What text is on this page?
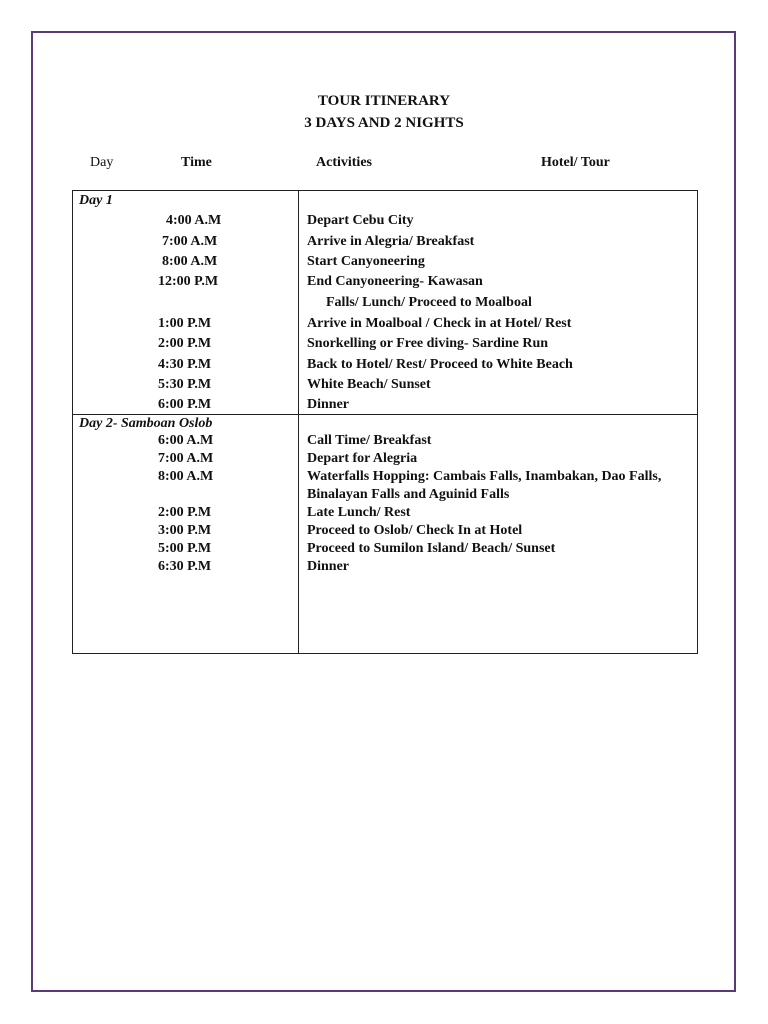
TOUR ITINERARY
3 DAYS AND 2 NIGHTS
Day	Time	Activities	Hotel/ Tour
Day 1
4:00 A.M	Depart Cebu City
7:00 A.M	Arrive in Alegria/ Breakfast
8:00 A.M	Start Canyoneering
12:00 P.M	End Canyoneering- Kawasan
Falls/ Lunch/ Proceed to Moalboal
1:00 P.M	Arrive in Moalboal / Check in at Hotel/ Rest
2:00 P.M	Snorkelling or Free diving- Sardine Run
4:30 P.M	Back to Hotel/ Rest/ Proceed to White Beach
5:30 P.M	White Beach/ Sunset
6:00 P.M	Dinner
Day 2- Samboan Oslob
6:00 A.M	Call Time/ Breakfast
7:00 A.M	Depart for Alegria
8:00 A.M	Waterfalls Hopping: Cambais Falls, Inambakan, Dao Falls,
Binalayan Falls and Aguinid Falls
2:00 P.M	Late Lunch/ Rest
3:00 P.M	Proceed to Oslob/ Check In at Hotel
5:00 P.M	Proceed to Sumilon Island/ Beach/ Sunset
6:30 P.M	Dinner
